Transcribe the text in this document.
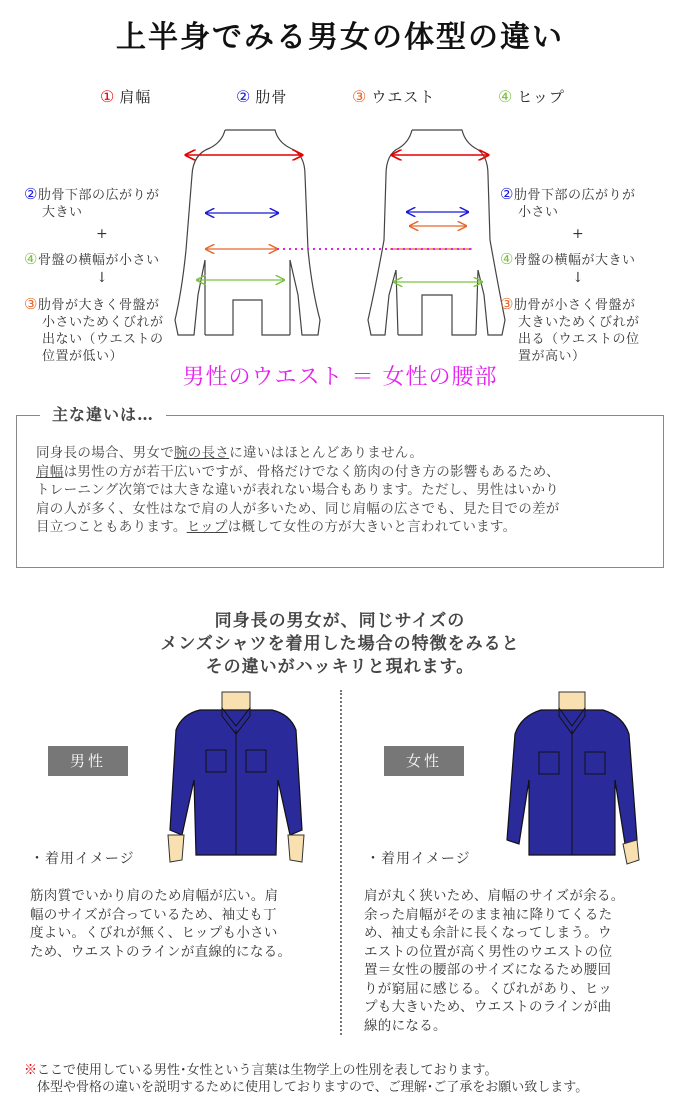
上半身でみる男女の体型の違い
① 肩幅	② 肋骨	③ ウエスト	④ ヒップ
②肋骨下部の広がりが
大きい
+
④骨盤の横幅が小さい
↓
③肋骨が大きく骨盤が
小さいためくびれが
出ない（ウエストの
位置が低い）
②肋骨下部の広がりが
小さい
+
④骨盤の横幅が大きい
↓
③肋骨が小さく骨盤が
大きいためくびれが
出る（ウエストの位
置が高い）
男性のウエスト ＝ 女性の腰部
主な違いは…
同身長の場合、男女で腕の長さに違いはほとんどありません。
肩幅は男性の方が若干広いですが、骨格だけでなく筋肉の付き方の影響もあるため、
トレーニング次第では大きな違いが表れない場合もあります。ただし、男性はいかり
肩の人が多く、女性はなで肩の人が多いため、同じ肩幅の広さでも、見た目での差が
目立つこともあります。ヒップは概して女性の方が大きいと言われています。
同身長の男女が、同じサイズの
メンズシャツを着用した場合の特徴をみると
その違いがハッキリと現れます。
男性
・着用イメージ
筋肉質でいかり肩のため肩幅が広い。肩
幅のサイズが合っているため、袖丈も丁
度よい。くびれが無く、ヒップも小さい
ため、ウエストのラインが直線的になる。
女性
・着用イメージ
肩が丸く狭いため、肩幅のサイズが余る。
余った肩幅がそのまま袖に降りてくるた
め、袖丈も余計に長くなってしまう。ウ
エストの位置が高く男性のウエストの位
置＝女性の腰部のサイズになるため腰回
りが窮屈に感じる。くびれがあり、ヒッ
プも大きいため、ウエストのラインが曲
線的になる。
※ここで使用している男性･女性という言葉は生物学上の性別を表しております。
体型や骨格の違いを説明するために使用しておりますので、ご理解･ご了承をお願い致します。
